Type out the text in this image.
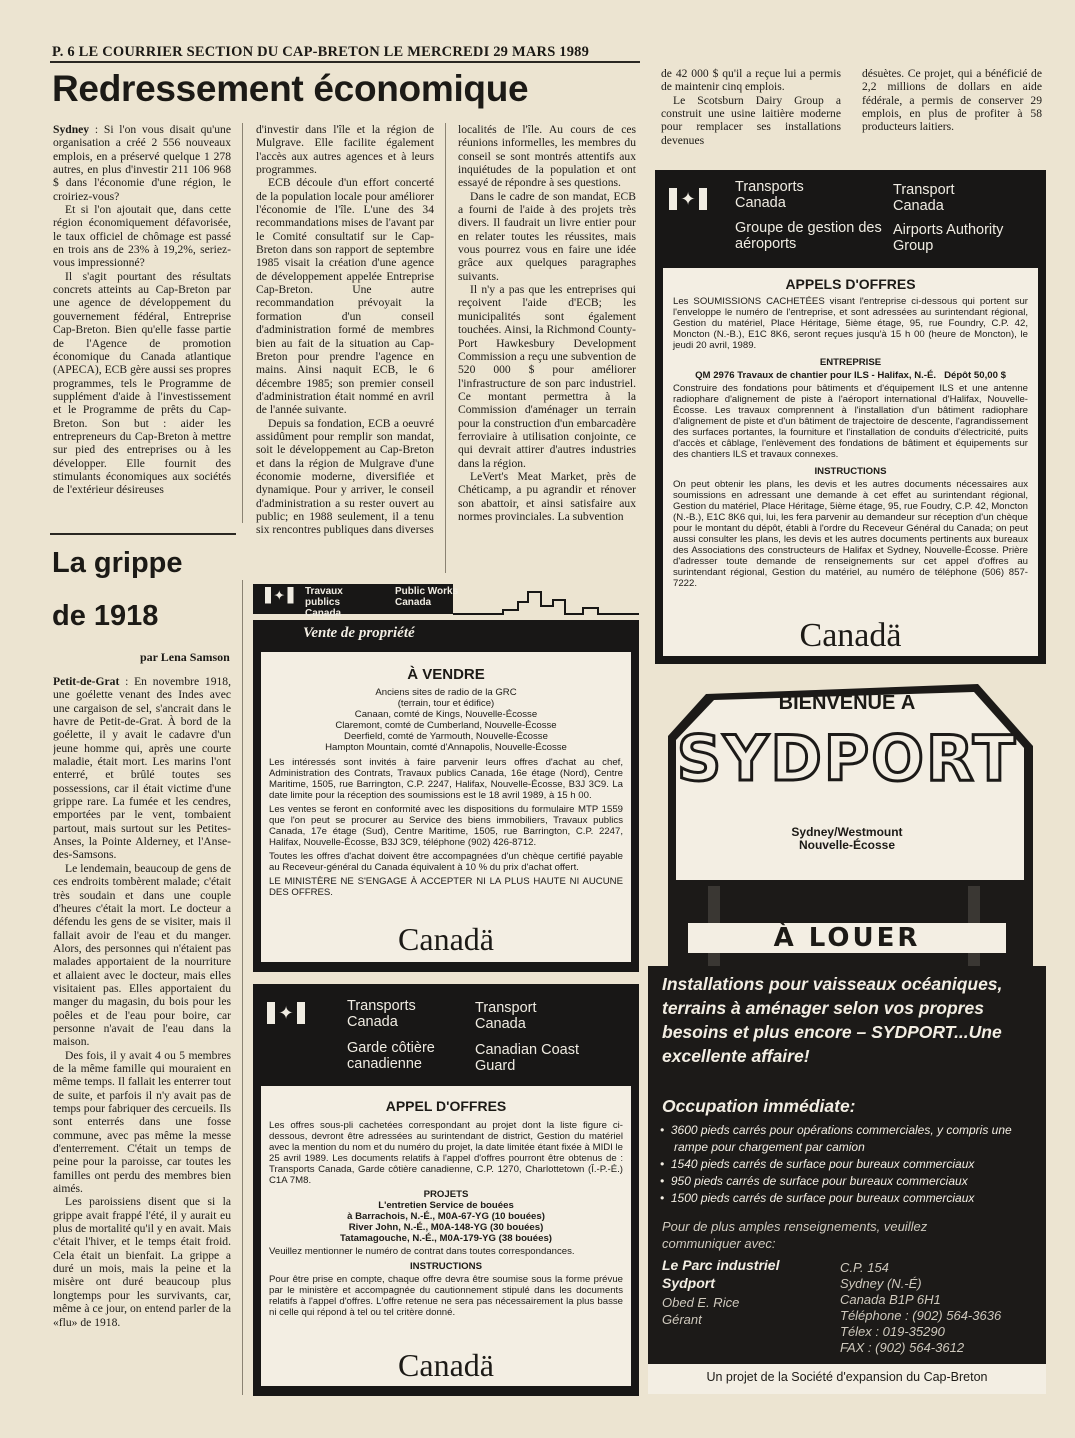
P. 6 LE COURRIER SECTION DU CAP-BRETON LE MERCREDI 29 MARS 1989
Redressement économique

Sydney : Si l'on vous disait qu'une organisation a créé 2 556 nouveaux emplois, en a préservé quelque 1 278 autres, en plus d'investir 211 106 968 $ dans l'économie d'une région, le croiriez-vous?

Et si l'on ajoutait que, dans cette région économiquement défavorisée, le taux officiel de chômage est passé en trois ans de 23% à 19,2%, seriez-vous impressionné?

Il s'agit pourtant des résultats concrets atteints au Cap-Breton par une agence de développement du gouvernement fédéral, Entreprise Cap-Breton. Bien qu'elle fasse partie de l'Agence de promotion économique du Canada atlantique (APECA), ECB gère aussi ses propres programmes, tels le Programme de supplément d'aide à l'investissement et le Programme de prêts du Cap-Breton. Son but : aider les entrepreneurs du Cap-Breton à mettre sur pied des entreprises ou à les développer. Elle fournit des stimulants économiques aux sociétés de l'extérieur désireuses

d'investir dans l'île et la région de Mulgrave. Elle facilite également l'accès aux autres agences et à leurs programmes.

ECB découle d'un effort concerté de la population locale pour améliorer l'économie de l'île. L'une des 34 recommandations mises de l'avant par le Comité consultatif sur le Cap-Breton dans son rapport de septembre 1985 visait la création d'une agence de développement appelée Entreprise Cap-Breton. Une autre recommandation prévoyait la formation d'un conseil d'administration formé de membres bien au fait de la situation au Cap-Breton pour prendre l'agence en mains. Ainsi naquit ECB, le 6 décembre 1985; son premier conseil d'administration était nommé en avril de l'année suivante.

Depuis sa fondation, ECB a oeuvré assidûment pour remplir son mandat, soit le développement au Cap-Breton et dans la région de Mulgrave d'une économie moderne, diversifiée et dynamique. Pour y arriver, le conseil d'administration a su rester ouvert au public; en 1988 seulement, il a tenu six rencontres publiques dans diverses

localités de l'île. Au cours de ces réunions informelles, les membres du conseil se sont montrés attentifs aux inquiétudes de la population et ont essayé de répondre à ses questions.

Dans le cadre de son mandat, ECB a fourni de l'aide à des projets très divers. Il faudrait un livre entier pour en relater toutes les réussites, mais vous pourrez vous en faire une idée grâce aux quelques paragraphes suivants.

Il n'y a pas que les entreprises qui reçoivent l'aide d'ECB; les municipalités sont également touchées. Ainsi, la Richmond County-Port Hawkesbury Development Commission a reçu une subvention de 520 000 $ pour améliorer l'infrastructure de son parc industriel. Ce montant permettra à la Commission d'aménager un terrain pour la construction d'un embarcadère ferroviaire à utilisation conjointe, ce qui devrait attirer d'autres industries dans la région.

LeVert's Meat Market, près de Chéticamp, a pu agrandir et rénover son abattoir, et ainsi satisfaire aux normes provinciales. La subvention

de 42 000 $ qu'il a reçue lui a permis de maintenir cinq emplois.

Le Scotsburn Dairy Group a construit une usine laitière moderne pour remplacer ses installations devenues

désuètes. Ce projet, qui a bénéficié de 2,2 millions de dollars en aide fédérale, a permis de conserver 29 emplois, en plus de profiter à 58 producteurs laitiers.

La grippe
de 1918
par Lena Samson

Petit-de-Grat : En novembre 1918, une goélette venant des Indes avec une cargaison de sel, s'ancrait dans le havre de Petit-de-Grat. À bord de la goélette, il y avait le cadavre d'un jeune homme qui, après une courte maladie, était mort. Les marins l'ont enterré, et brûlé toutes ses possessions, car il était victime d'une grippe rare. La fumée et les cendres, emportées par le vent, tombaient partout, mais surtout sur les Petites-Anses, la Pointe Alderney, et l'Anse-des-Samsons.

Le lendemain, beaucoup de gens de ces endroits tombèrent malade; c'était très soudain et dans une couple d'heures c'était la mort. Le docteur a défendu les gens de se visiter, mais il fallait avoir de l'eau et du manger. Alors, des personnes qui n'étaient pas malades apportaient de la nourriture et allaient avec le docteur, mais elles visitaient pas. Elles apportaient du manger du magasin, du bois pour les poêles et de l'eau pour boire, car personne n'avait de l'eau dans la maison.

Des fois, il y avait 4 ou 5 membres de la même famille qui mouraient en même temps. Il fallait les enterrer tout de suite, et parfois il n'y avait pas de temps pour fabriquer des cercueils. Ils sont enterrés dans une fosse commune, avec pas même la messe d'enterrement. C'était un temps de peine pour la paroisse, car toutes les familles ont perdu des membres bien aimés.

Les paroissiens disent que si la grippe avait frappé l'été, il y aurait eu plus de mortalité qu'il y en avait. Mais c'était l'hiver, et le temps était froid. Cela était un bienfait. La grippe a duré un mois, mais la peine et la misère ont duré beaucoup plus longtemps pour les survivants, car, même à ce jour, on entend parler de la «flu» de 1918.

✦ Travaux publics Canada
Public Works Canada
Vente de propriété
À VENDRE
Anciens sites de radio de la GRC
(terrain, tour et édifice)
Canaan, comté de Kings, Nouvelle-Écosse
Claremont, comté de Cumberland, Nouvelle-Écosse
Deerfield, comté de Yarmouth, Nouvelle-Écosse
Hampton Mountain, comté d'Annapolis, Nouvelle-Écosse
Les intéressés sont invités à faire parvenir leurs offres d'achat au chef, Administration des Contrats, Travaux publics Canada, 16e étage (Nord), Centre Maritime, 1505, rue Barrington, C.P. 2247, Halifax, Nouvelle-Écosse, B3J 3C9. La date limite pour la réception des soumissions est le 18 avril 1989, à 15 h 00.
Les ventes se feront en conformité avec les dispositions du formulaire MTP 1559 que l'on peut se procurer au Service des biens immobiliers, Travaux publics Canada, 17e étage (Sud), Centre Maritime, 1505, rue Barrington, C.P. 2247, Halifax, Nouvelle-Écosse, B3J 3C9, téléphone (902) 426-8712.
Toutes les offres d'achat doivent être accompagnées d'un chèque certifié payable au Receveur-général du Canada équivalent à 10 % du prix d'achat offert.
LE MINISTÈRE NE S'ENGAGE À ACCEPTER NI LA PLUS HAUTE NI AUCUNE DES OFFRES.
Canadä
✦	Transports Canada
Transport Canada
Garde côtière canadienne
Canadian Coast Guard
APPEL D'OFFRES
Les offres sous-pli cachetées correspondant au projet dont la liste figure ci-dessous, devront être adressées au surintendant de district, Gestion du matériel avec la mention du nom et du numéro du projet, la date limitée étant fixée à MIDI le 25 avril 1989. Les documents relatifs à l'appel d'offres pourront être obtenus de : Transports Canada, Garde côtière canadienne, C.P. 1270, Charlottetown (Î.-P.-É.) C1A 7M8.
PROJETS
L'entretien Service de bouées
à Barrachois, N.-É., M0A-67-YG (10 bouées)
River John, N.-É., M0A-148-YG (30 bouées)
Tatamagouche, N.-É., M0A-179-YG (38 bouées)
Veuillez mentionner le numéro de contrat dans toutes correspondances.
INSTRUCTIONS
Pour être prise en compte, chaque offre devra être soumise sous la forme prévue par le ministère et accompagnée du cautionnement stipulé dans les documents relatifs à l'appel d'offres. L'offre retenue ne sera pas nécessairement la plus basse ni celle qui répond à tel ou tel critère donné.
Canadä
✦
Transports Canada
Transport Canada
Groupe de gestion des aéroports
Airports Authority Group
APPELS D'OFFRES
Les SOUMISSIONS CACHETÉES visant l'entreprise ci-dessous qui portent sur l'enveloppe le numéro de l'entreprise, et sont adressées au surintendant régional, Gestion du matériel, Place Héritage, 5ième étage, 95, rue Foundry, C.P. 42, Moncton (N.-B.), E1C 8K6, seront reçues jusqu'à 15 h 00 (heure de Moncton), le jeudi 20 avril, 1989.
ENTREPRISE
QM 2976 Travaux de chantier pour ILS - Halifax, N.-É. Dépôt 50,00 $
Construire des fondations pour bâtiments et d'équipement ILS et une antenne radiophare d'alignement de piste à l'aéroport international d'Halifax, Nouvelle-Écosse. Les travaux comprennent à l'installation d'un bâtiment radiophare d'alignement de piste et d'un bâtiment de trajectoire de descente, l'agrandissement des surfaces portantes, la fourniture et l'installation de conduits d'électricité, puits d'accès et câblage, l'enlèvement des fondations de bâtiment et équipements sur des chantiers ILS et travaux connexes.
INSTRUCTIONS
On peut obtenir les plans, les devis et les autres documents nécessaires aux soumissions en adressant une demande à cet effet au surintendant régional, Gestion du matériel, Place Héritage, 5ième étage, 95, rue Foudry, C.P. 42, Moncton (N.-B.), E1C 8K6 qui, lui, les fera parvenir au demandeur sur réception d'un chèque pour le montant du dépôt, établi à l'ordre du Receveur Général du Canada; on peut aussi consulter les plans, les devis et les autres documents pertinents aux bureaux des Associations des constructeurs de Halifax et Sydney, Nouvelle-Écosse. Prière d'adresser toute demande de renseignements sur cet appel d'offres au surintendant régional, Gestion du matériel, au numéro de téléphone (506) 857-7222.
Canadä
BIENVENUE À
SYDPORT
Sydney/Westmount
Nouvelle-Écosse
À LOUER
Installations pour vaisseaux océaniques, terrains à aménager selon vos propres besoins et plus encore – SYDPORT...Une excellente affaire!
Occupation immédiate:
•  3600 pieds carrés pour opérations commerciales, y compris une rampe pour chargement par camion
•  1540 pieds carrés de surface pour bureaux commerciaux
•  950 pieds carrés de surface pour bureaux commerciaux
•  1500 pieds carrés de surface pour bureaux commerciaux
Pour de plus amples renseignements, veuillez communiquer avec:
Le Parc industriel
Sydport
Obed E. Rice
Gérant
C.P. 154
Sydney (N.-É)
Canada B1P 6H1
Téléphone : (902) 564-3636
Télex : 019-35290
FAX : (902) 564-3612
Un projet de la Société d'expansion du Cap-Breton
